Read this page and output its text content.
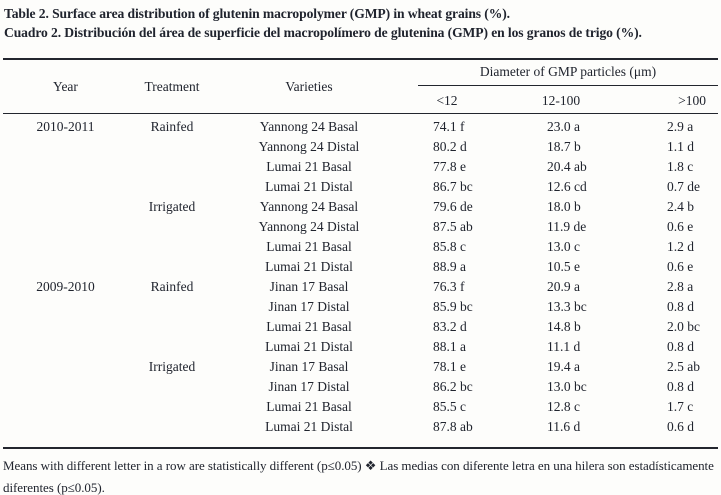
Table 2. Surface area distribution of glutenin macropolymer (GMP) in wheat grains (%).
Cuadro 2. Distribución del área de superficie del macropolímero de glutenina (GMP) en los granos de trigo (%).
Year	Treatment	Varieties	Diameter of GMP particles (μm)		

			<12	12-100	>100
2010-2011	Rainfed	Yannong 24 Basal	74.1 f	23.0 a	2.9 a
		Yannong 24 Distal	80.2 d	18.7 b	1.1 d
		Lumai 21 Basal	77.8 e	20.4 ab	1.8 c
		Lumai 21 Distal	86.7 bc	12.6 cd	0.7 de
	Irrigated	Yannong 24 Basal	79.6 de	18.0 b	2.4 b
		Yannong 24 Distal	87.5 ab	11.9 de	0.6 e
		Lumai 21 Basal	85.8 c	13.0 c	1.2 d
		Lumai 21 Distal	88.9 a	10.5 e	0.6 e
2009-2010	Rainfed	Jinan 17 Basal	76.3 f	20.9 a	2.8 a
		Jinan 17 Distal	85.9 bc	13.3 bc	0.8 d
		Lumai 21 Basal	83.2 d	14.8 b	2.0 bc
		Lumai 21 Distal	88.1 a	11.1 d	0.8 d
	Irrigated	Jinan 17 Basal	78.1 e	19.4 a	2.5 ab
		Jinan 17 Distal	86.2 bc	13.0 bc	0.8 d
		Lumai 21 Basal	85.5 c	12.8 c	1.7 c
		Lumai 21 Distal	87.8 ab	11.6 d	0.6 d
Means with different letter in a row are statistically different (p≤0.05) ❖ Las medias con diferente letra en una hilera son estadísticamente diferentes (p≤0.05).
